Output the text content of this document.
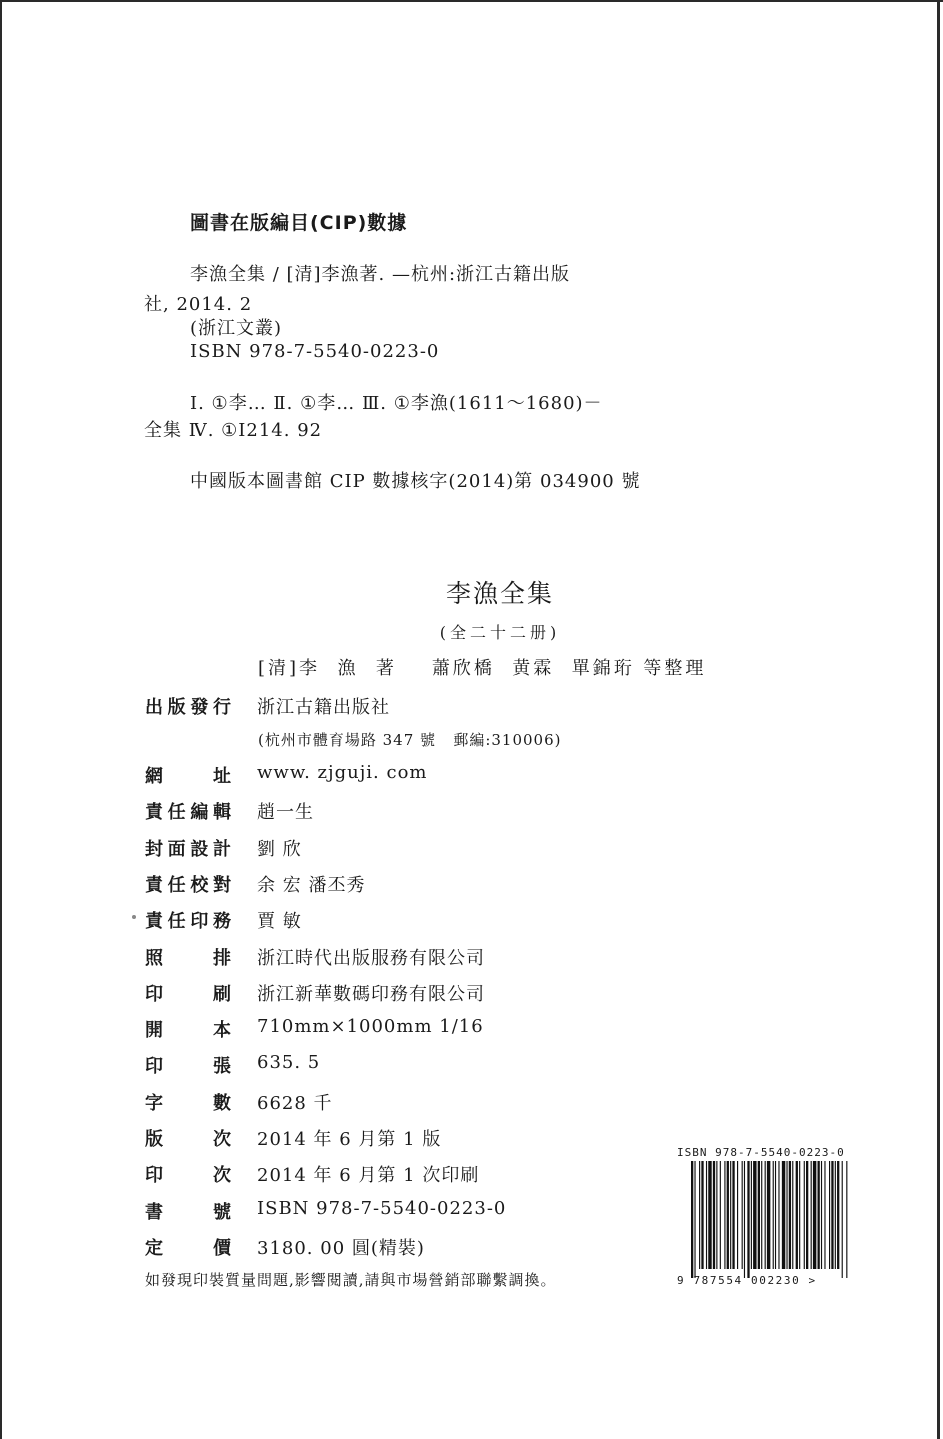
圖書在版編目(CIP)數據
李漁全集 / [清]李漁著. —杭州:浙江古籍出版
社, 2014. 2
(浙江文叢)
ISBN 978-7-5540-0223-0
Ⅰ. ①李… Ⅱ. ①李… Ⅲ. ①李漁(1611～1680)－
全集 Ⅳ. ①I214. 92
中國版本圖書館 CIP 數據核字(2014)第 034900 號
李漁全集
(全二十二册)
[清]李  漁  著    蕭欣橋  黄霖  單錦珩 等整理
出 版 發 行 浙江古籍出版社
(杭州市體育場路 347 號   郵編:310006)
網	址 www. zjguji. com
責 任 編 輯 趙一生
封 面 設 計 劉 欣
責 任 校 對 余 宏 潘丕秀
責 任 印 務 賈 敏
照	排 浙江時代出版服務有限公司
印	刷 浙江新華數碼印務有限公司
開	本 710mm×1000mm 1/16
印	張 635. 5
字	數 6628 千
版	次 2014 年 6 月第 1 版
印	次 2014 年 6 月第 1 次印刷
書	號 ISBN 978-7-5540-0223-0
定	價 3180. 00 圓(精裝)
如發現印裝質量問題,影響閱讀,請與市場營銷部聯繫調換。
ISBN 978-7-5540-0223-0
9 787554 002230 >
